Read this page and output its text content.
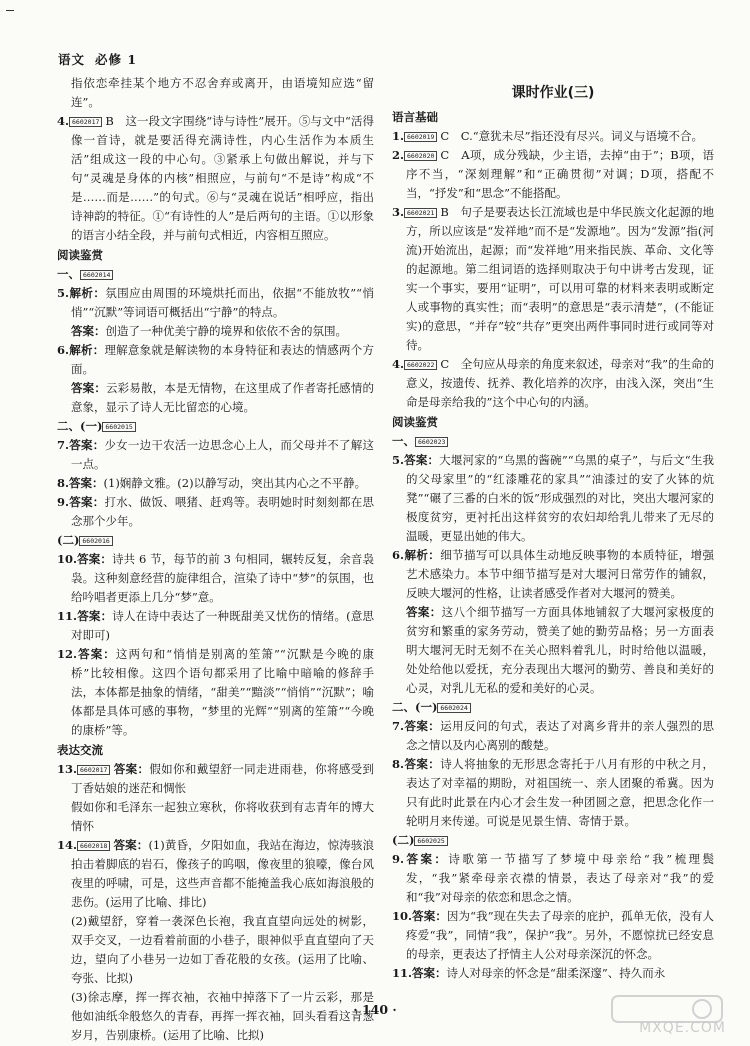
语文 必修 1
指依恋牵挂某个地方不忍舍弃或离开，由语境知应选“留连”。
4. 6602017 B　这一段文字围绕“诗与诗性”展开。⑤与文中“活得像一首诗，就是要活得充满诗性，内心生活作为本质生活”组成这一段的中心句。③紧承上句做出解说，并与下句“灵魂是身体的内核”相照应，与前句“不是诗”构成“不是……而是……”的句式。⑥与“灵魂在说话”相呼应，指出诗神韵的特征。①“有诗性的人”是后两句的主语。①以形象的语言小结全段，并与前句式相近，内容相互照应。
阅读鉴赏
一、 6602014
5.解析：氛围应由周围的环境烘托而出，依据“不能放牧”“悄悄”“沉默”等词语可概括出“宁静”的特点。
答案：创造了一种优美宁静的境界和依依不舍的氛围。
6.解析：理解意象就是解读物的本身特征和表达的情感两个方面。
答案：云彩易散，本是无情物，在这里成了作者寄托感情的意象，显示了诗人无比留恋的心境。
二、(一) 6602015
7.答案：少女一边干农活一边思念心上人，而父母并不了解这一点。
8.答案：(1)娴静文雅。(2)以静写动，突出其内心之不平静。
9.答案：打水、做饭、喂猪、赶鸡等。表明她时时刻刻都在思念那个少年。
(二) 6602016
10.答案：诗共 6 节，每节的前 3 句相同，辗转反复，余音袅袅。这种刻意经营的旋律组合，渲染了诗中“梦”的氛围，也给吟唱者更添上几分“梦”意。
11.答案：诗人在诗中表达了一种既甜美又忧伤的情绪。(意思对即可)
12.答案：这两句和“悄悄是别离的笙箫”“沉默是今晚的康桥”比较相像。这四个语句都采用了比喻中暗喻的修辞手法，本体都是抽象的情绪，“甜美”“黯淡”“悄悄”“沉默”；喻体都是具体可感的事物，“梦里的光辉”“别离的笙箫”“今晚的康桥”等。
表达交流
13. 6602017 答案：假如你和戴望舒一同走进雨巷，你将感受到丁香姑娘的迷茫和惆怅
假如你和毛泽东一起独立寒秋，你将收获到有志青年的博大情怀
14. 6602018 答案：(1)黄昏，夕阳如血，我站在海边，惊涛骇浪拍击着脚底的岩石，像孩子的呜咽，像夜里的狼嚎，像台风夜里的呼啸，可是，这些声音都不能掩盖我心底如海浪般的悲伤。(运用了比喻、排比)
(2)戴望舒，穿着一袭深色长袍，我直直望向远处的树影，双手交叉，一边看着前面的小巷子，眼神似乎直直望向了天边，望向了小巷另一边如丁香花般的女孩。(运用了比喻、夸张、比拟)
(3)徐志摩，挥一挥衣袖，衣袖中掉落下了一片云彩，那是他如油纸伞般悠久的青春，再挥一挥衣袖，回头看看这青葱岁月，告别康桥。(运用了比喻、比拟)
课时作业(三)
语言基础
1. 6602019 C　C.“意犹未尽”指还没有尽兴。词义与语境不合。
2. 6602020 C　A项，成分残缺，少主语，去掉“由于”；B项，语序不当，“深刻理解”和“正确贯彻”对调；D项，搭配不当，“抒发”和“思念”不能搭配。
3. 6602021 B　句子是要表达长江流域也是中华民族文化起源的地方，所以应该是“发祥地”而不是“发源地”。因为“发源”指(河流)开始流出，起源；而“发祥地”用来指民族、革命、文化等的起源地。第二组词语的选择则取决于句中讲考古发现，证实一个事实，要用“证明”，可以用可靠的材料来表明或断定人或事物的真实性；而“表明”的意思是“表示清楚”，(不能证实)的意思，“并存”较“共存”更突出两件事同时进行或同等对待。
4. 6602022 C　全句应从母亲的角度来叙述，母亲对“我”的生命的意义，按遗传、抚养、教化培养的次序，由浅入深，突出“生命是母亲给我的”这个中心句的内涵。
阅读鉴赏
一、 6602023
5.答案：大堰河家的“乌黑的酱碗”“乌黑的桌子”，与后文“生我的父母家里”的“红漆雕花的家具”“油漆过的安了火钵的炕凳”“碾了三番的白米的饭”形成强烈的对比，突出大堰河家的极度贫穷，更衬托出这样贫穷的农妇却给乳儿带来了无尽的温暖，更显出她的伟大。
6.解析：细节描写可以具体生动地反映事物的本质特征，增强艺术感染力。本节中细节描写是对大堰河日常劳作的铺叙，反映大堰河的性格，让读者感受作者对大堰河的赞美。
答案：这八个细节描写一方面具体地铺叙了大堰河家极度的贫穷和繁重的家务劳动，赞美了她的勤劳品格；另一方面表明大堰河无时无刻不在关心照料着乳儿，时时给他以温暖，处处给他以爱抚，充分表现出大堰河的勤劳、善良和美好的心灵，对乳儿无私的爱和美好的心灵。
二、(一) 6602024
7.答案：运用反问的句式，表达了对离乡背井的亲人强烈的思念之情以及内心离别的酸楚。
8.答案：诗人将抽象的无形思念寄托于八月有形的中秋之月，表达了对幸福的期盼，对祖国统一、亲人团聚的希冀。因为只有此时此景在内心才会生发一种团圆之意，把思念化作一轮明月来传递。可说是见景生情、寄情于景。
(二) 6602025
9.答案：诗歌第一节描写了梦境中母亲给“我”梳理鬓发，“我”紧牵母亲衣襟的情景，表达了母亲对“我”的爱和“我”对母亲的依恋和思念之情。
10.答案：因为“我”现在失去了母亲的庇护，孤单无依，没有人疼爱“我”，同情“我”，保护“我”。另外，不愿惊扰已经安息的母亲，更表达了抒情主人公对母亲深沉的怀念。
11.答案：诗人对母亲的怀念是“甜柔深邃”、持久而永
· 140 ·
MXQE.COM
